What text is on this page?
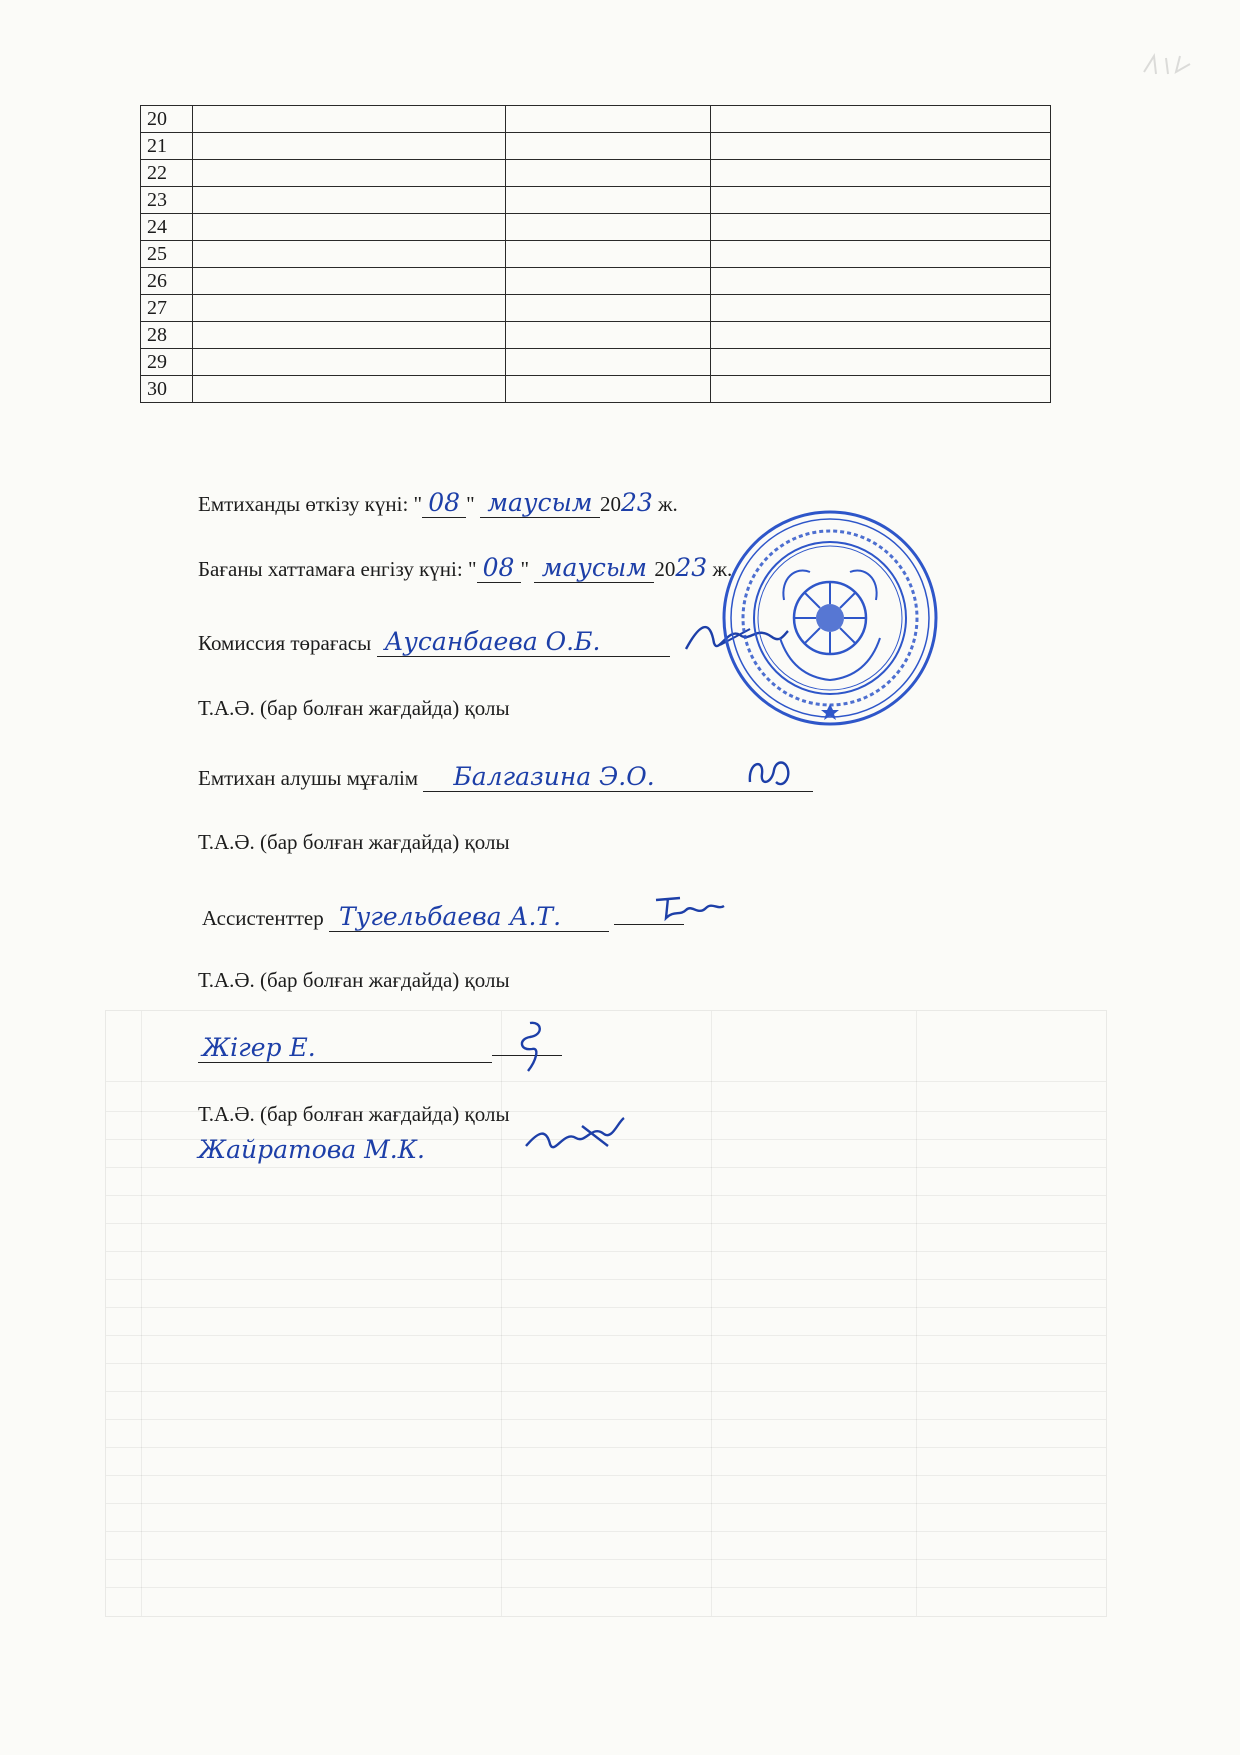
20			
21			
22			
23			
24			
25			
26			
27			
28			
29			
30			
Емтиханды өткізу күні: " 08 " маусым 2023 ж.
Бағаны хаттамаға енгізу күні: " 08 " маусым 2023 ж.
Комиссия төрағасы Аусанбаева О.Б.
Т.А.Ә. (бар болған жағдайда) қолы
Емтихан алушы мұғалім Балгазина Э.О.
Т.А.Ә. (бар болған жағдайда) қолы
Ассистенттер Тугельбаева А.Т.
Т.А.Ә. (бар болған жағдайда) қолы
Жігер Е.
Т.А.Ә. (бар болған жағдайда) қолы
Жайратова М.К.
